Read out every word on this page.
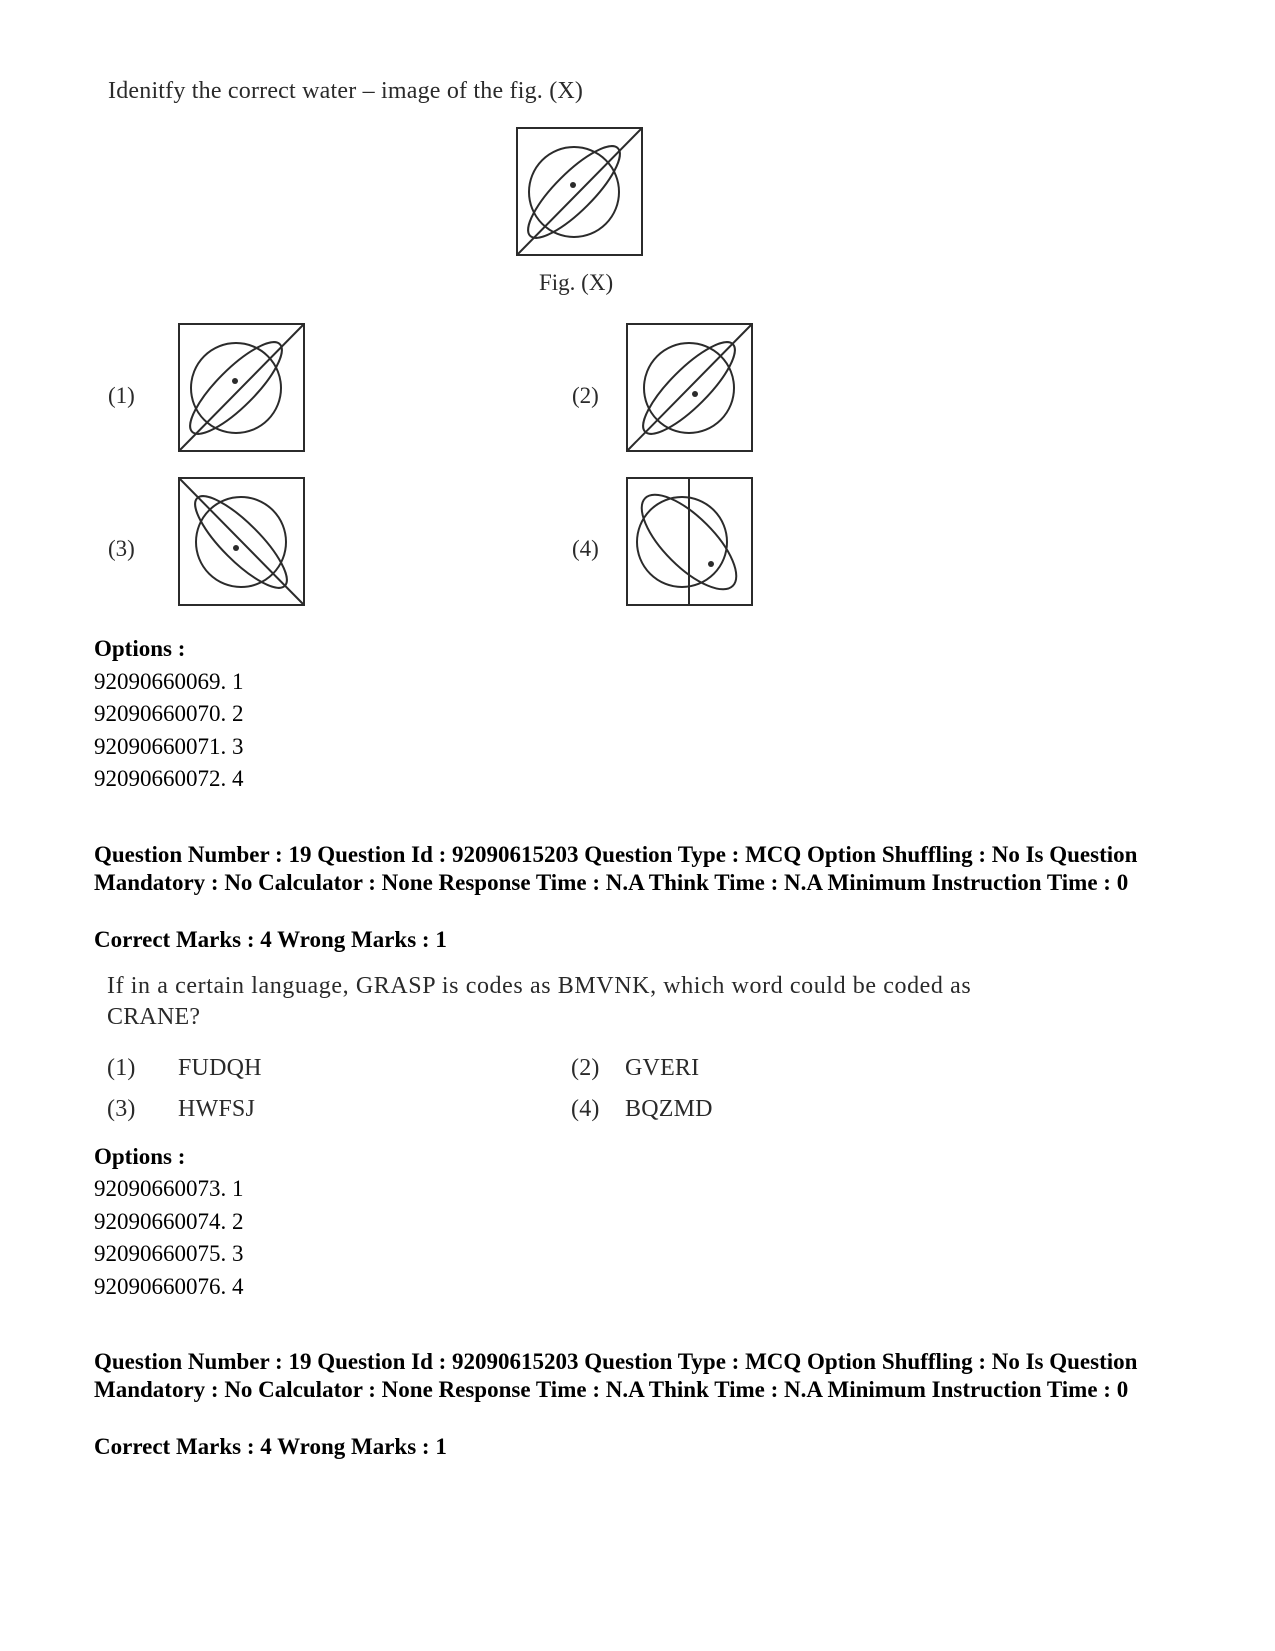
Idenitfy the correct water – image of the fig. (X)
Fig. (X)
(1)	(2)
(3)	(4)
Options :
92090660069. 1
92090660070. 2
92090660071. 3
92090660072. 4
Question Number : 19 Question Id : 92090615203 Question Type : MCQ Option Shuffling : No Is Question Mandatory : No Calculator : None Response Time : N.A Think Time : N.A Minimum Instruction Time : 0
Correct Marks : 4 Wrong Marks : 1
If in a certain language, GRASP is codes as BMVNK, which word could be coded as
CRANE?
(1) FUDQH	(2) GVERI
(3) HWFSJ	(4) BQZMD
Options :
92090660073. 1
92090660074. 2
92090660075. 3
92090660076. 4
Question Number : 19 Question Id : 92090615203 Question Type : MCQ Option Shuffling : No Is Question Mandatory : No Calculator : None Response Time : N.A Think Time : N.A Minimum Instruction Time : 0
Correct Marks : 4 Wrong Marks : 1
